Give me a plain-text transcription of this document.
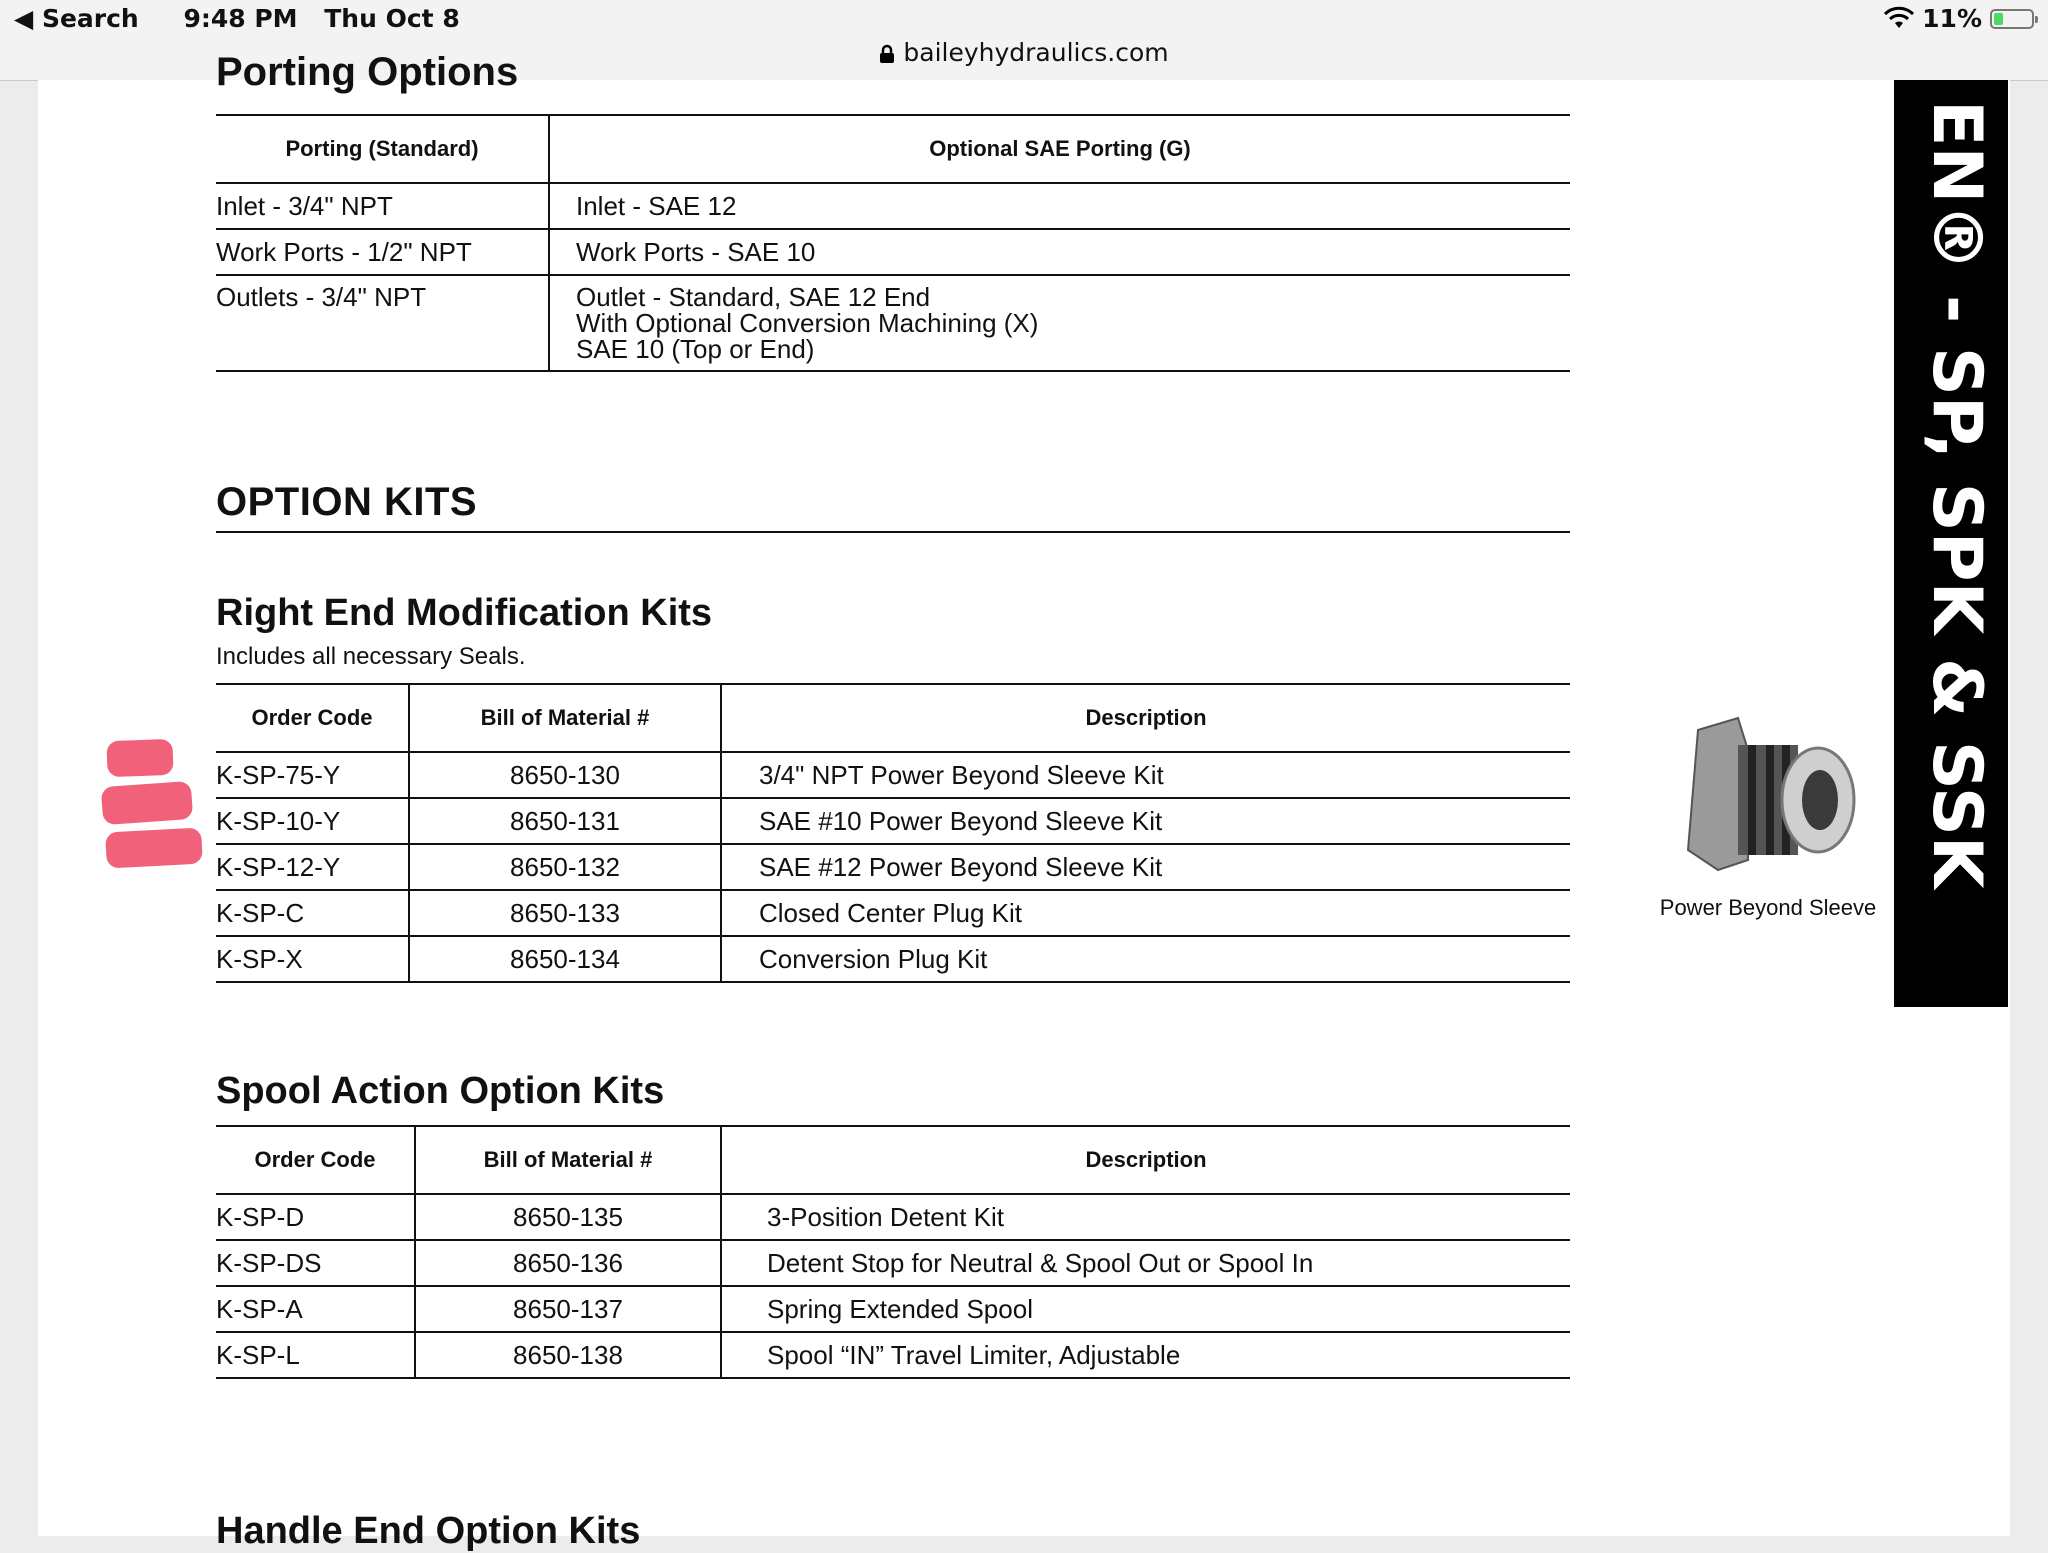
◀ Search 9:48 PM Thu Oct 8	11%
baileyhydraulics.com
Porting Options
Porting (Standard)	Optional SAE Porting (G)
Inlet - 3/4" NPT	Inlet - SAE 12
Work Ports - 1/2" NPT	Work Ports - SAE 10
Outlets - 3/4" NPT	Outlet - Standard, SAE 12 End
With Optional Conversion Machining (X)
SAE 10 (Top or End)
OPTION KITS
Right End Modification Kits
Includes all necessary Seals.
Order Code	Bill of Material #	Description
K-SP-75-Y	8650-130	3/4" NPT Power Beyond Sleeve Kit
K-SP-10-Y	8650-131	SAE #10 Power Beyond Sleeve Kit
K-SP-12-Y	8650-132	SAE #12 Power Beyond Sleeve Kit
K-SP-C	8650-133	Closed Center Plug Kit
K-SP-X	8650-134	Conversion Plug Kit
Spool Action Option Kits
Order Code	Bill of Material #	Description
K-SP-D	8650-135	3-Position Detent Kit
K-SP-DS	8650-136	Detent Stop for Neutral & Spool Out or Spool In
K-SP-A	8650-137	Spring Extended Spool
K-SP-L	8650-138	Spool “IN” Travel Limiter, Adjustable
Handle End Option Kits
EN® - SP, SPK & SSK
Power Beyond Sleeve
